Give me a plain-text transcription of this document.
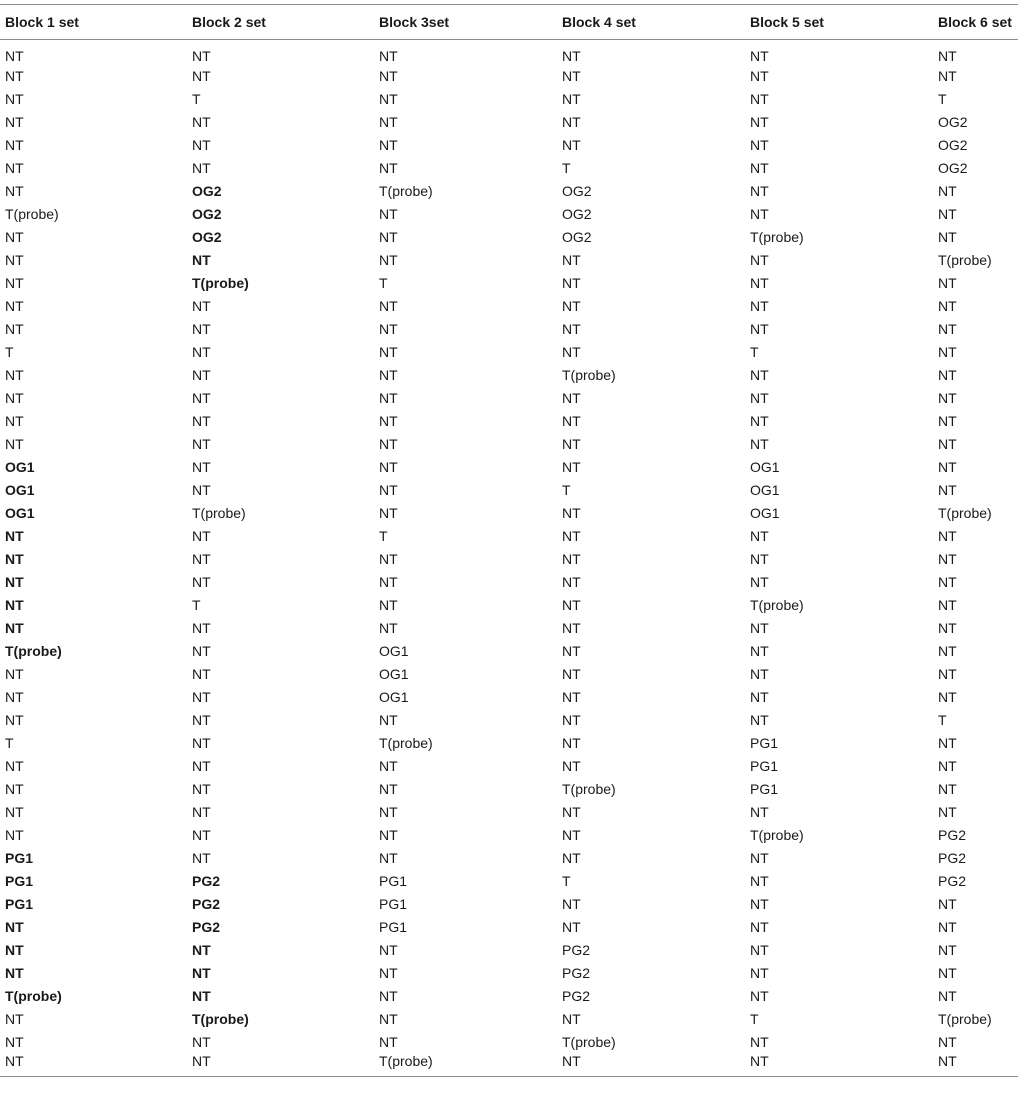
Block 1 set	Block 2 set	Block 3set	Block 4 set	Block 5 set	Block 6 set
NT	NT	NT	NT	NT	NT
NT	NT	NT	NT	NT	NT
NT	T	NT	NT	NT	T
NT	NT	NT	NT	NT	OG2
NT	NT	NT	NT	NT	OG2
NT	NT	NT	T	NT	OG2
NT	OG2	T(probe)	OG2	NT	NT
T(probe)	OG2	NT	OG2	NT	NT
NT	OG2	NT	OG2	T(probe)	NT
NT	NT	NT	NT	NT	T(probe)
NT	T(probe)	T	NT	NT	NT
NT	NT	NT	NT	NT	NT
NT	NT	NT	NT	NT	NT
T	NT	NT	NT	T	NT
NT	NT	NT	T(probe)	NT	NT
NT	NT	NT	NT	NT	NT
NT	NT	NT	NT	NT	NT
NT	NT	NT	NT	NT	NT
OG1	NT	NT	NT	OG1	NT
OG1	NT	NT	T	OG1	NT
OG1	T(probe)	NT	NT	OG1	T(probe)
NT	NT	T	NT	NT	NT
NT	NT	NT	NT	NT	NT
NT	NT	NT	NT	NT	NT
NT	T	NT	NT	T(probe)	NT
NT	NT	NT	NT	NT	NT
T(probe)	NT	OG1	NT	NT	NT
NT	NT	OG1	NT	NT	NT
NT	NT	OG1	NT	NT	NT
NT	NT	NT	NT	NT	T
T	NT	T(probe)	NT	PG1	NT
NT	NT	NT	NT	PG1	NT
NT	NT	NT	T(probe)	PG1	NT
NT	NT	NT	NT	NT	NT
NT	NT	NT	NT	T(probe)	PG2
PG1	NT	NT	NT	NT	PG2
PG1	PG2	PG1	T	NT	PG2
PG1	PG2	PG1	NT	NT	NT
NT	PG2	PG1	NT	NT	NT
NT	NT	NT	PG2	NT	NT
NT	NT	NT	PG2	NT	NT
T(probe)	NT	NT	PG2	NT	NT
NT	T(probe)	NT	NT	T	T(probe)
NT	NT	NT	T(probe)	NT	NT
NT	NT	T(probe)	NT	NT	NT
